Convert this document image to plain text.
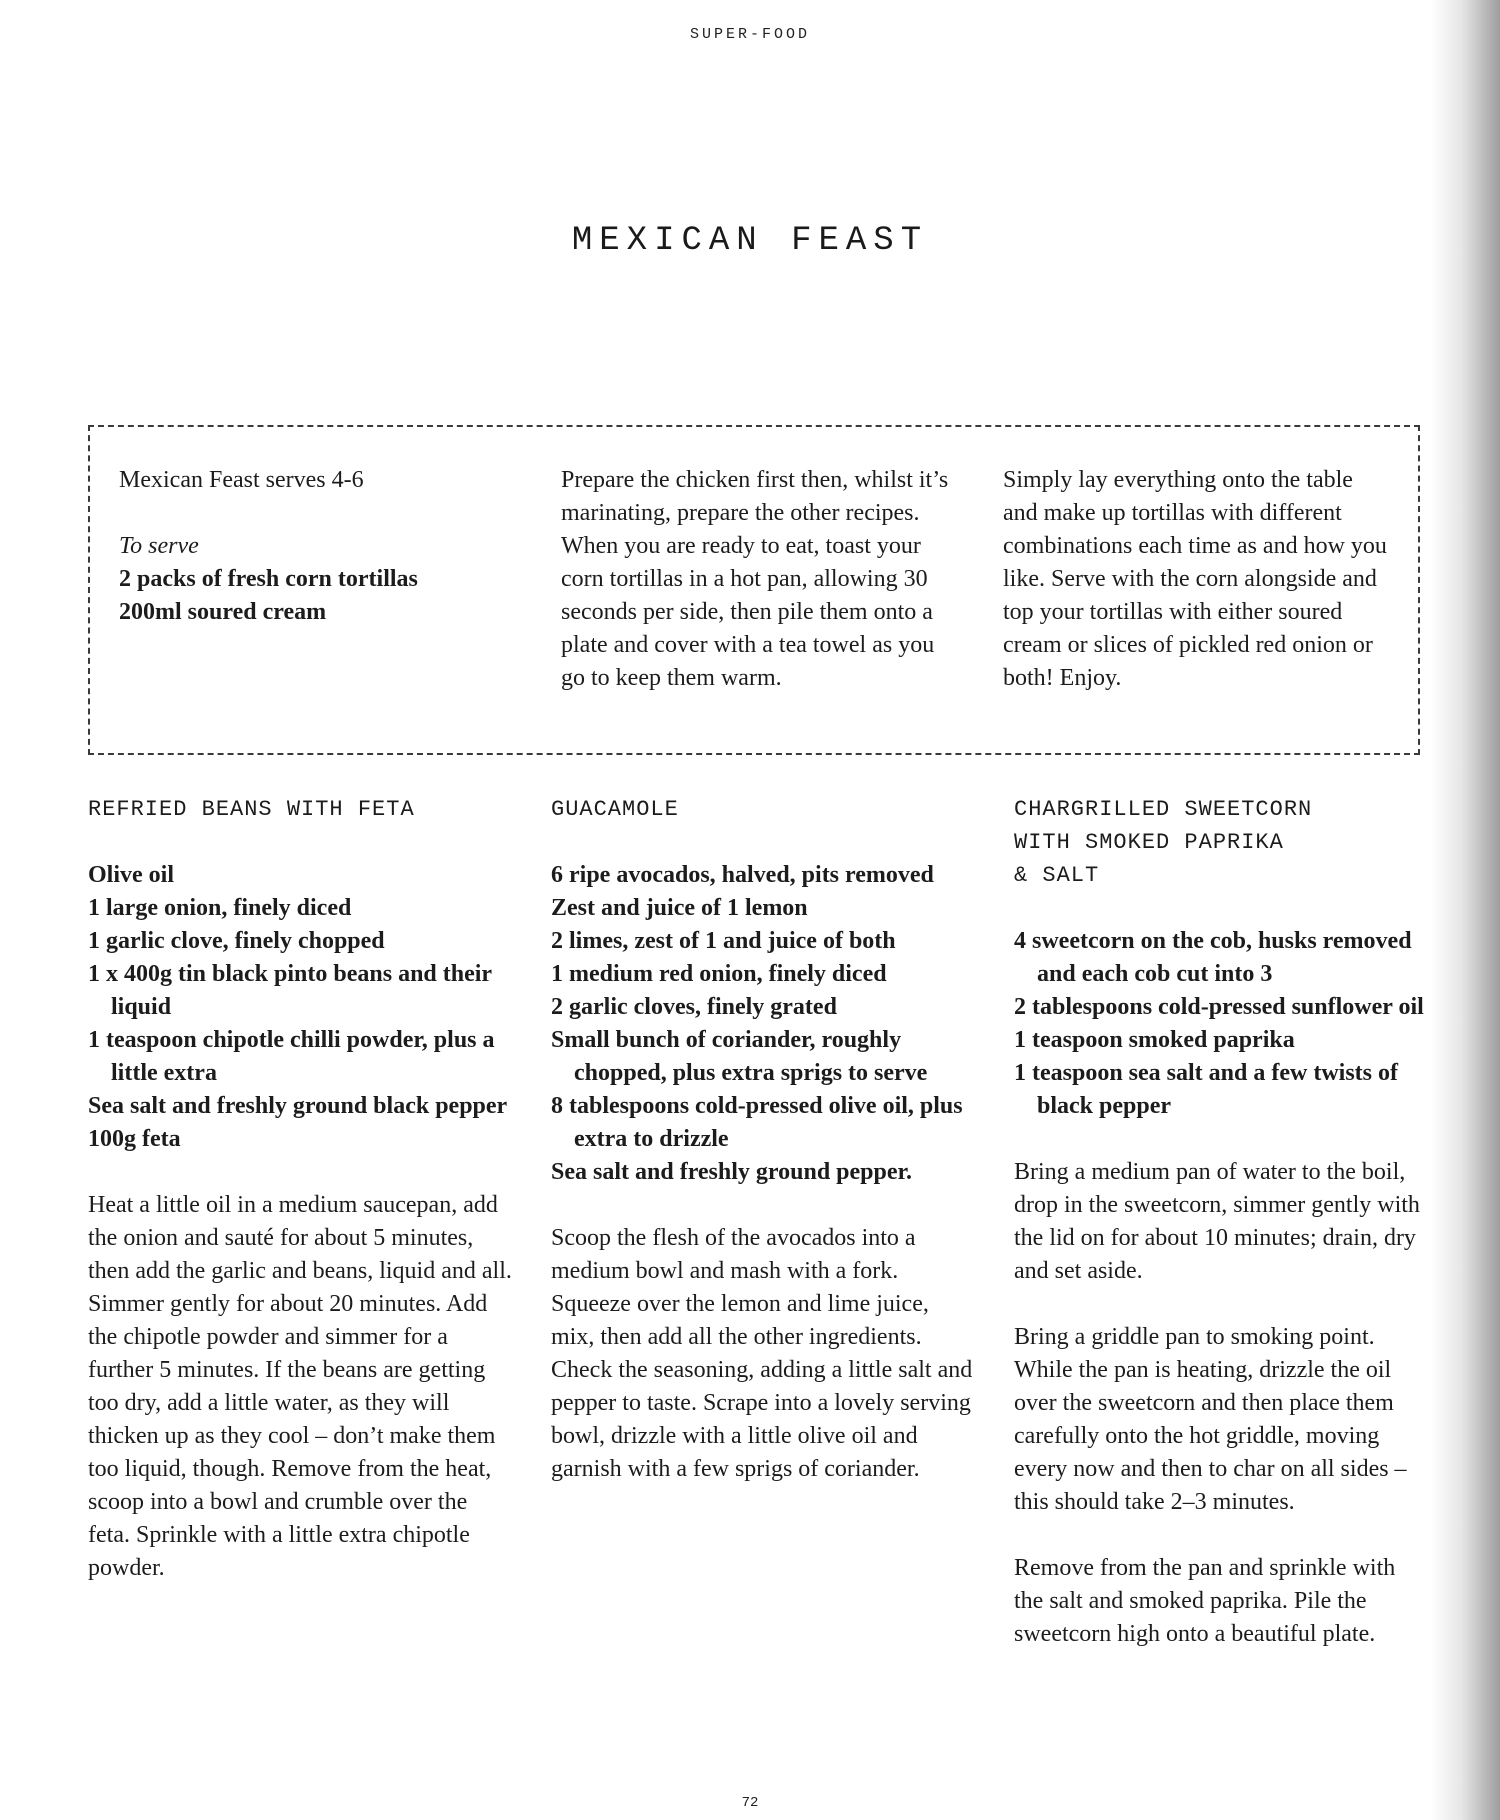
SUPER-FOOD
MEXICAN FEAST

Mexican Feast serves 4-6

To serve

2 packs of fresh corn tortillas

200ml soured cream

Prepare the chicken first then, whilst it’s marinating, prepare the other recipes. When you are ready to eat, toast your corn tortillas in a hot pan, allowing 30 seconds per side, then pile them onto a plate and cover with a tea towel as you go to keep them warm.

Simply lay everything onto the table and make up tortillas with different combinations each time as and how you like. Serve with the corn alongside and top your tortillas with either soured cream or slices of pickled red onion or both! Enjoy.

REFRIED BEANS WITH FETA
Olive oil
1 large onion, finely diced
1 garlic clove, finely chopped
1 x 400g tin black pinto beans and their liquid
1 teaspoon chipotle chilli powder, plus a little extra
Sea salt and freshly ground black pepper
100g feta

Heat a little oil in a medium saucepan, add the onion and sauté for about 5 minutes, then add the garlic and beans, liquid and all. Simmer gently for about 20 minutes. Add the chipotle powder and simmer for a further 5 minutes. If the beans are getting too dry, add a little water, as they will thicken up as they cool – don’t make them too liquid, though. Remove from the heat, scoop into a bowl and crumble over the feta. Sprinkle with a little extra chipotle powder.

GUACAMOLE
6 ripe avocados, halved, pits removed
Zest and juice of 1 lemon
2 limes, zest of 1 and juice of both
1 medium red onion, finely diced
2 garlic cloves, finely grated
Small bunch of coriander, roughly chopped, plus extra sprigs to serve
8 tablespoons cold-pressed olive oil, plus extra to drizzle
Sea salt and freshly ground pepper.

Scoop the flesh of the avocados into a medium bowl and mash with a fork. Squeeze over the lemon and lime juice, mix, then add all the other ingredients. Check the seasoning, adding a little salt and pepper to taste. Scrape into a lovely serving bowl, drizzle with a little olive oil and garnish with a few sprigs of coriander.

CHARGRILLED SWEETCORN
WITH SMOKED PAPRIKA
& SALT
4 sweetcorn on the cob, husks removed and each cob cut into 3
2 tablespoons cold-pressed sunflower oil
1 teaspoon smoked paprika
1 teaspoon sea salt and a few twists of black pepper

Bring a medium pan of water to the boil, drop in the sweetcorn, simmer gently with the lid on for about 10 minutes; drain, dry and set aside.

Bring a griddle pan to smoking point. While the pan is heating, drizzle the oil over the sweetcorn and then place them carefully onto the hot griddle, moving every now and then to char on all sides – this should take 2–3 minutes.

Remove from the pan and sprinkle with the salt and smoked paprika. Pile the sweetcorn high onto a beautiful plate.

72
